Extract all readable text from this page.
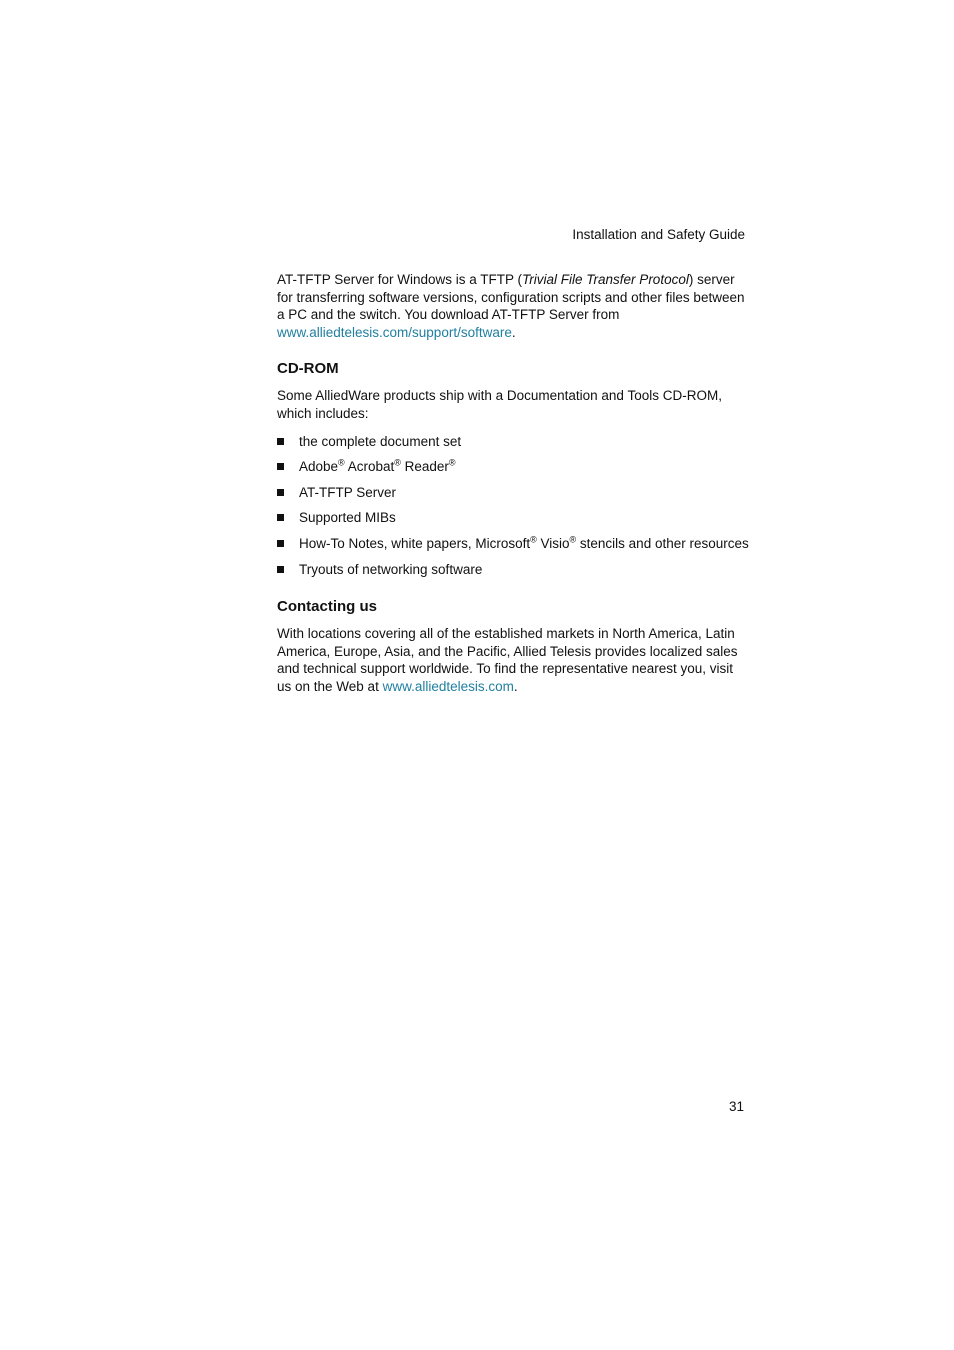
Installation and Safety Guide

AT-TFTP Server for Windows is a TFTP (Trivial File Transfer Protocol) server for transferring software versions, configuration scripts and other files between a PC and the switch. You download AT-TFTP Server from www.alliedtelesis.com/support/software.

CD-ROM

Some AlliedWare products ship with a Documentation and Tools CD-ROM, which includes:

the complete document set
Adobe® Acrobat® Reader®
AT-TFTP Server
Supported MIBs
How-To Notes, white papers, Microsoft® Visio® stencils and other resources
Tryouts of networking software
Contacting us

With locations covering all of the established markets in North America, Latin America, Europe, Asia, and the Pacific, Allied Telesis provides localized sales and technical support worldwide. To find the representative nearest you, visit us on the Web at www.alliedtelesis.com.

31
